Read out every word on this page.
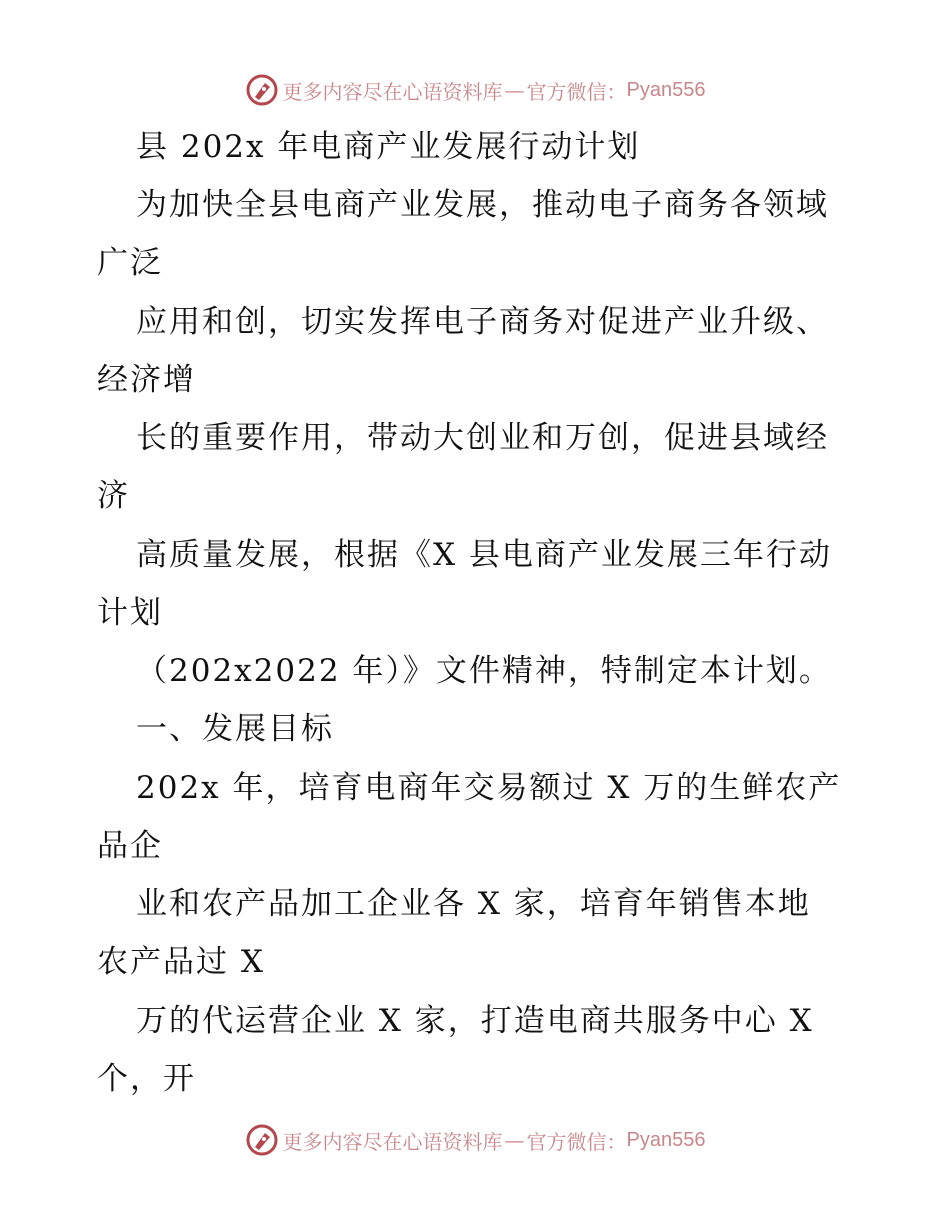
更多内容尽在心语资料库 — 官方微信： Pyan556
县 202x 年电商产业发展行动计划
为加快全县电商产业发展，推动电子商务各领域
广泛
应用和创，切实发挥电子商务对促进产业升级、
经济增
长的重要作用，带动大创业和万创，促进县域经
济
高质量发展，根据《X 县电商产业发展三年行动
计划
（202x2022 年）》文件精神，特制定本计划。
一、发展目标
202x 年，培育电商年交易额过 X 万的生鲜农产
品企
业和农产品加工企业各 X 家，培育年销售本地
农产品过 X
万的代运营企业 X 家，打造电商共服务中心 X
个，开
更多内容尽在心语资料库 — 官方微信： Pyan556
